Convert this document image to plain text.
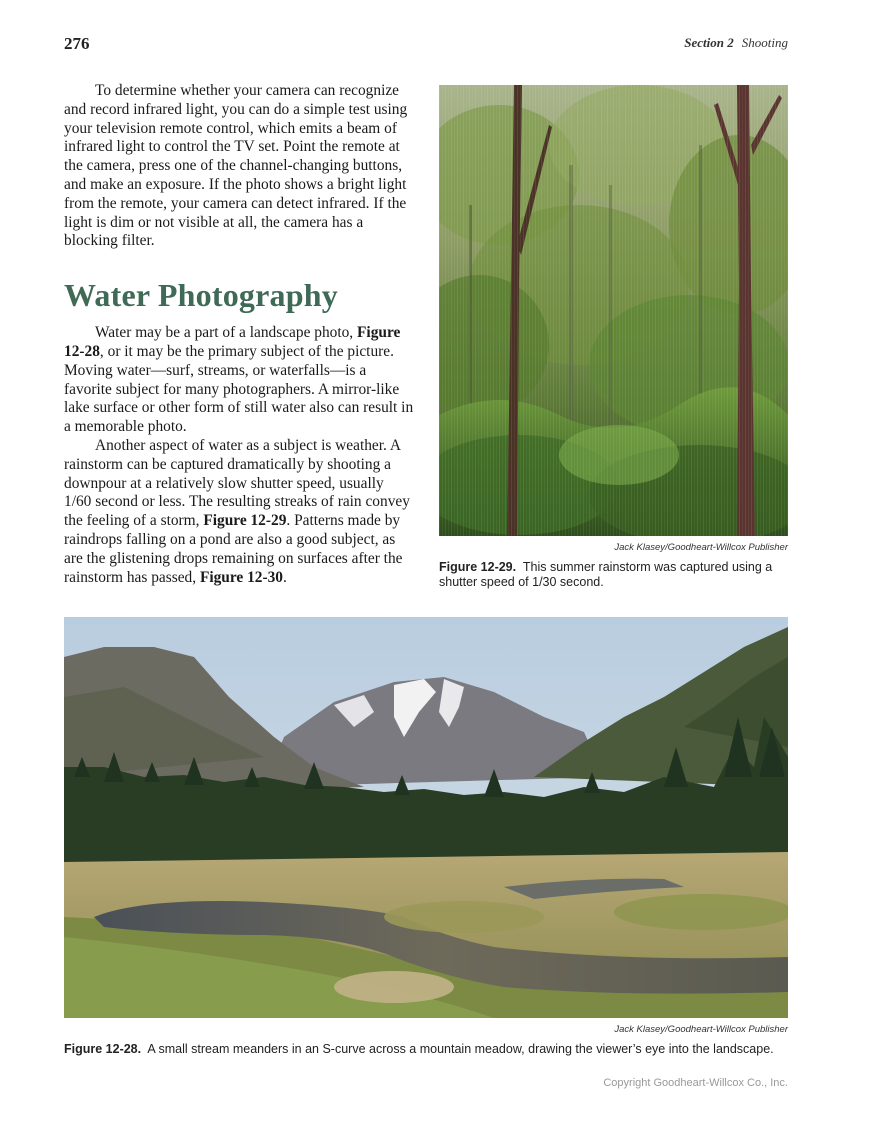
276	Section 2 Shooting

To determine whether your camera can recognize and record infrared light, you can do a simple test using your television remote control, which emits a beam of infrared light to control the TV set. Point the remote at the camera, press one of the channel-changing buttons, and make an exposure. If the photo shows a bright light from the remote, your camera can detect infrared. If the light is dim or not visible at all, the camera has a blocking filter.

Water Photography

Water may be a part of a landscape photo, Figure 12-28, or it may be the primary subject of the picture. Moving water—surf, streams, or waterfalls—is a favorite subject for many photographers. A mirror-like lake surface or other form of still water also can result in a memorable photo.

Another aspect of water as a subject is weather. A rainstorm can be captured dramatically by shooting a downpour at a relatively slow shutter speed, usually 1/60 second or less. The resulting streaks of rain convey the feeling of a storm, Figure 12-29. Patterns made by raindrops falling on a pond are also a good subject, as are the glistening drops remaining on surfaces after the rainstorm has passed, Figure 12-30.

Jack Klasey/Goodheart-Willcox Publisher
Figure 12-29. This summer rainstorm was captured using a shutter speed of 1/30 second.
Jack Klasey/Goodheart-Willcox Publisher
Figure 12-28. A small stream meanders in an S-curve across a mountain meadow, drawing the viewer’s eye into the landscape.
Copyright Goodheart-Willcox Co., Inc.
